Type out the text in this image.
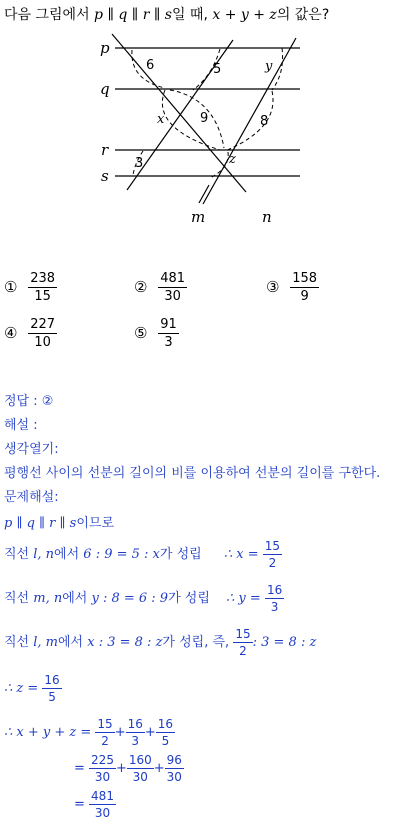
다음 그림에서 p ∥ q ∥ r ∥ s일 때, x + y + z의 값은?
p
q
r
s
m	n
6	5	y
x	9	8
3	z
① $\frac{238}{15}$	② $\frac{481}{30}$	③ $\frac{158}{9}$
④ $\frac{227}{10}$	⑤ $\frac{91}{3}$
정답 : ②
해설 :
생각열기:
평행선 사이의 선분의 길이의 비를 이용하여 선분의 길이를 구한다.
문제해설:
p ∥ q ∥ r ∥ s이므로
직선 l, n에서 6 : 9 = 5 : x가 성립 ∴ $x = \frac{15}{2}$
직선 m, n에서 y : 8 = 6 : 9가 성립 ∴ $y = \frac{16}{3}$
직선 l, m에서 x : 3 = 8 : z가 성립, 즉, $\frac{15}{2}$ : 3 = 8 : z
∴ $z = \frac{16}{5}$
∴ $x + y + z = \frac{15}{2} + \frac{16}{3} + \frac{16}{5}$
= $\frac{225}{30} + \frac{160}{30} + \frac{96}{30}$
= $\frac{481}{30}$
